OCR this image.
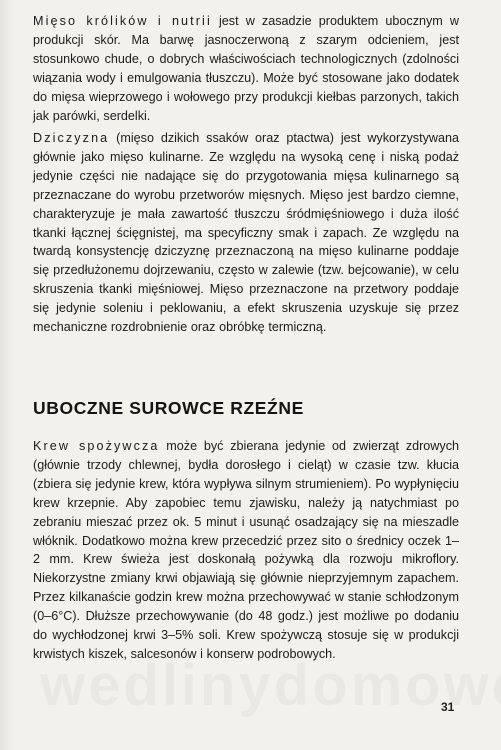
Mięso królików i nutrii jest w zasadzie produktem ubocznym w produkcji skór. Ma barwę jasnoczerwoną z szarym odcieniem, jest stosunkowo chude, o dobrych właściwościach technologicznych (zdolności wiązania wody i emulgowania tłuszczu). Może być stosowane jako dodatek do mięsa wieprzowego i wołowego przy produkcji kiełbas parzonych, takich jak parówki, serdelki.

Dziczyzna (mięso dzikich ssaków oraz ptactwa) jest wykorzystywana głównie jako mięso kulinarne. Ze względu na wysoką cenę i niską podaż jedynie części nie nadające się do przygotowania mięsa kulinarnego są przeznaczane do wyrobu przetworów mięsnych. Mięso jest bardzo ciemne, charakteryzuje je mała zawartość tłuszczu śródmięśniowego i duża ilość tkanki łącznej ścięgnistej, ma specyficzny smak i zapach. Ze względu na twardą konsystencję dziczyznę przeznaczoną na mięso kulinarne poddaje się przedłużonemu dojrzewaniu, często w zalewie (tzw. bejcowanie), w celu skruszenia tkanki mięśniowej. Mięso przeznaczone na przetwory poddaje się jedynie soleniu i peklowaniu, a efekt skruszenia uzyskuje się przez mechaniczne rozdrobnienie oraz obróbkę termiczną.

UBOCZNE SUROWCE RZEŹNE

Krew spożywcza może być zbierana jedynie od zwierząt zdrowych (głównie trzody chlewnej, bydła dorosłego i cieląt) w czasie tzw. kłucia (zbiera się jedynie krew, która wypływa silnym strumieniem). Po wypłynięciu krew krzepnie. Aby zapobiec temu zjawisku, należy ją natychmiast po zebraniu mieszać przez ok. 5 minut i usunąć osadzający się na mieszadle włóknik. Dodatkowo można krew przecedzić przez sito o średnicy oczek 1–2 mm. Krew świeża jest doskonałą pożywką dla rozwoju mikroflory. Niekorzystne zmiany krwi objawiają się głównie nieprzyjemnym zapachem. Przez kilkanaście godzin krew można przechowywać w stanie schłodzonym (0–6°C). Dłuższe przechowywanie (do 48 godz.) jest możliwe po dodaniu do wychłodzonej krwi 3–5% soli. Krew spożywczą stosuje się w produkcji krwistych kiszek, salcesonów i konserw podrobowych.

31
